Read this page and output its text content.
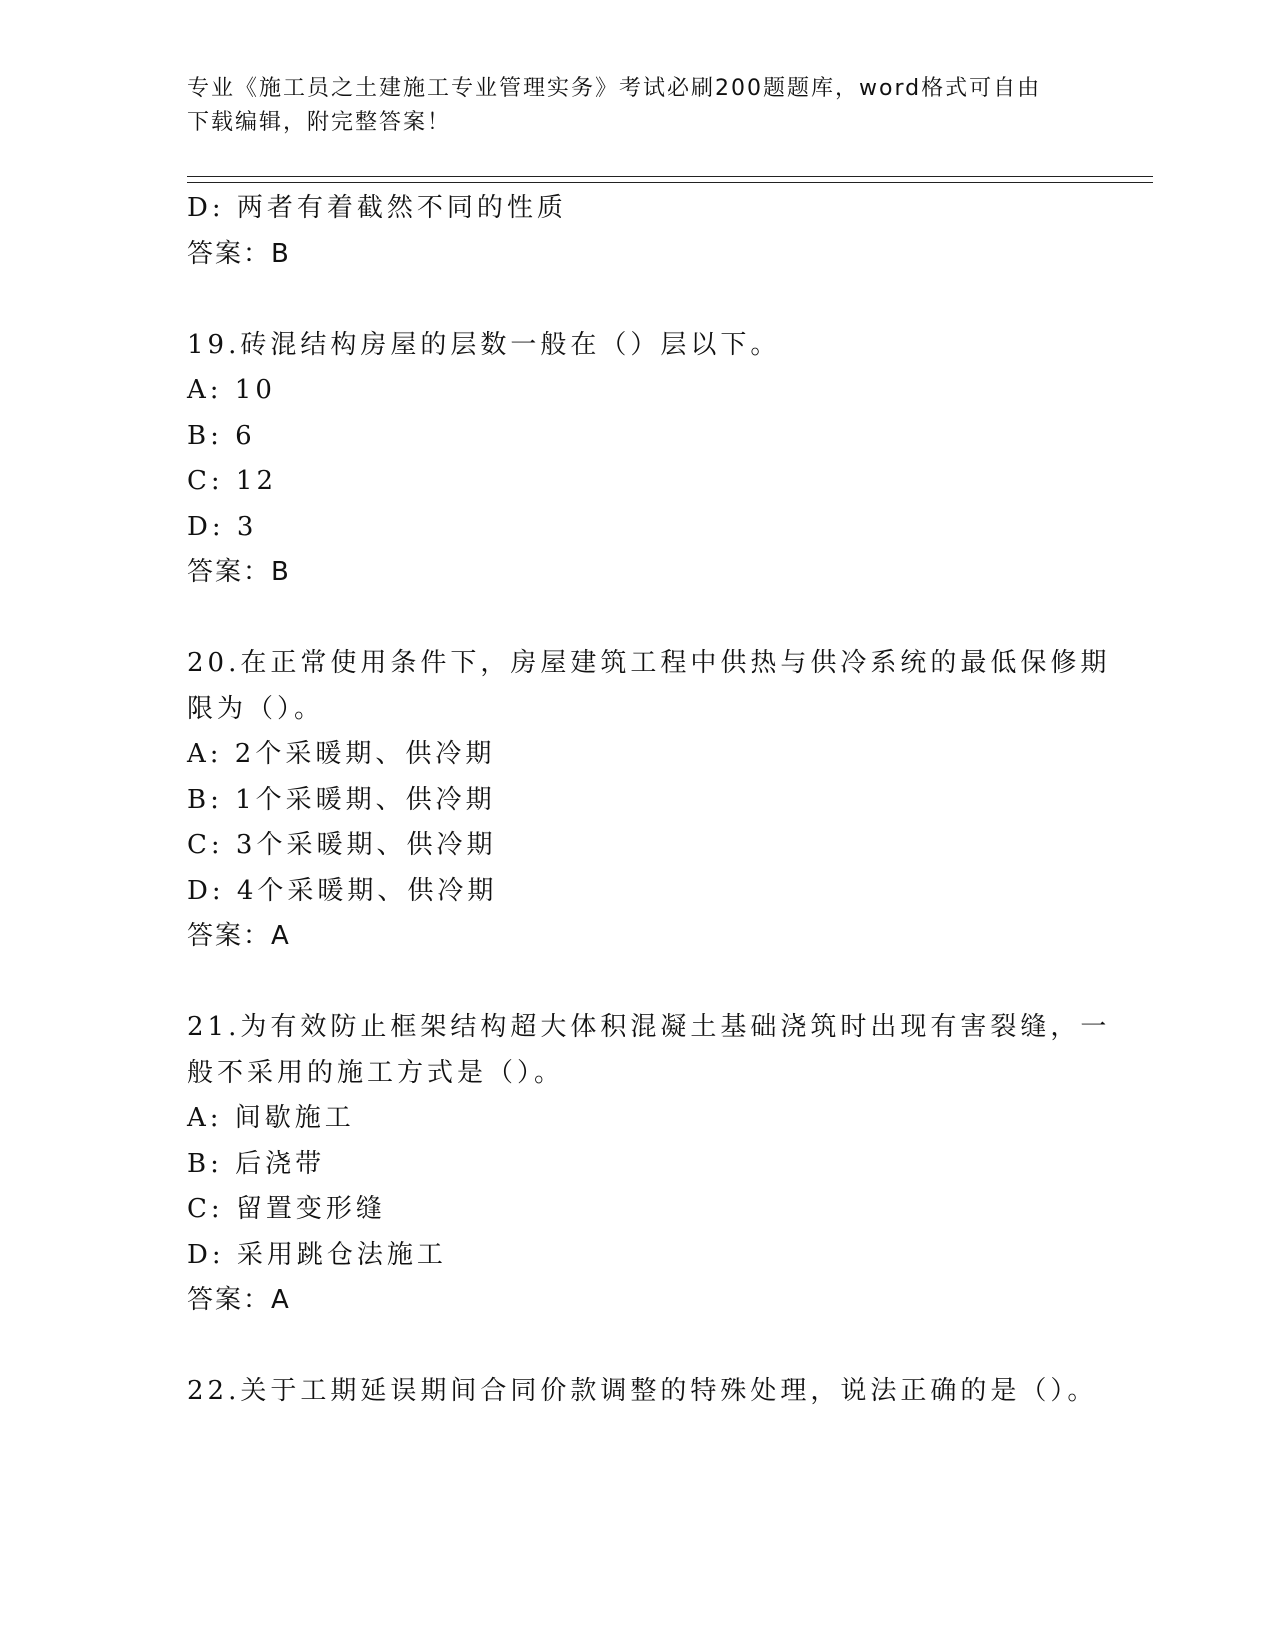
专业《施工员之土建施工专业管理实务》考试必刷200题题库，word格式可自由
下载编辑，附完整答案！
D: 两者有着截然不同的性质
答案：B
19.砖混结构房屋的层数一般在（）层以下。
A: 10
B: 6
C: 12
D: 3
答案：B
20.在正常使用条件下，房屋建筑工程中供热与供冷系统的最低保修期
限为（）。
A: 2个采暖期、供冷期
B: 1个采暖期、供冷期
C: 3个采暖期、供冷期
D: 4个采暖期、供冷期
答案：A
21.为有效防止框架结构超大体积混凝土基础浇筑时出现有害裂缝，一
般不采用的施工方式是（）。
A: 间歇施工
B: 后浇带
C: 留置变形缝
D: 采用跳仓法施工
答案：A
22.关于工期延误期间合同价款调整的特殊处理，说法正确的是（）。
